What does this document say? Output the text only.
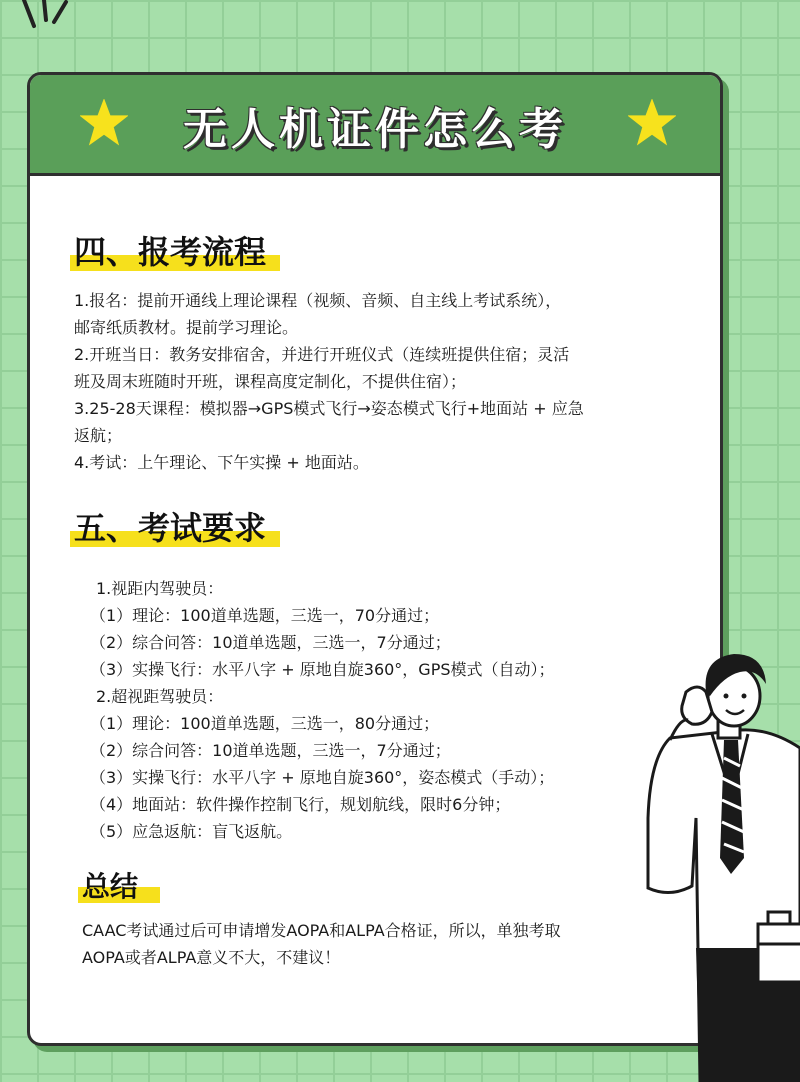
无人机证件怎么考
四、报考流程

1.报名：提前开通线上理论课程（视频、音频、自主线上考试系统），

邮寄纸质教材。提前学习理论。

2.开班当日：教务安排宿舍，并进行开班仪式（连续班提供住宿；灵活

班及周末班随时开班，课程高度定制化，不提供住宿）；

3.25-28天课程：模拟器→GPS模式飞行→姿态模式飞行+地面站 + 应急

返航；

4.考试：上午理论、下午实操 + 地面站。

五、考试要求

1.视距内驾驶员：

（1）理论：100道单选题，三选一，70分通过；

（2）综合问答：10道单选题，三选一，7分通过；

（3）实操飞行：水平八字 + 原地自旋360°，GPS模式（自动）；

2.超视距驾驶员：

（1）理论：100道单选题，三选一，80分通过；

（2）综合问答：10道单选题，三选一，7分通过；

（3）实操飞行：水平八字 + 原地自旋360°，姿态模式（手动）；

（4）地面站：软件操作控制飞行，规划航线，限时6分钟；

（5）应急返航：盲飞返航。

总结

CAAC考试通过后可申请增发AOPA和ALPA合格证，所以，单独考取

AOPA或者ALPA意义不大，不建议！
